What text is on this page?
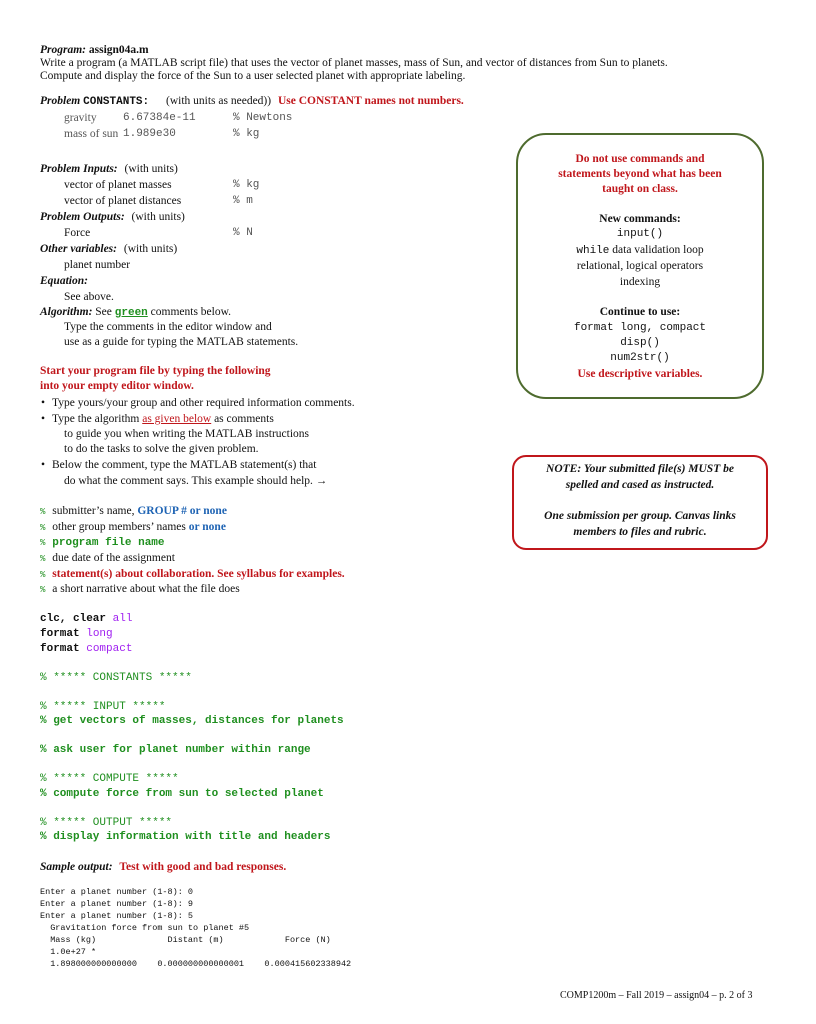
Program: assign04a.m
Write a program (a MATLAB script file) that uses the vector of planet masses, mass of Sun, and vector of distances from Sun to planets.
Compute and display the force of the Sun to a user selected planet with appropriate labeling.
Problem CONSTANTS: (with units as needed)) Use CONSTANT names not numbers.
gravity 6.67384e-11	% Newtons
mass of sun 1.989e30	% kg
Problem Inputs: (with units)
vector of planet masses	% kg
vector of planet distances	% m
Problem Outputs: (with units)
Force	% N
Other variables: (with units)
planet number
Equation:
See above.
Algorithm: See green comments below.
Type the comments in the editor window and
use as a guide for typing the MATLAB statements.
Start your program file by typing the following
into your empty editor window.
• Type yours/your group and other required information comments.
• Type the algorithm as given below as comments
to guide you when writing the MATLAB instructions
to do the tasks to solve the given problem.
• Below the comment, type the MATLAB statement(s) that
do what the comment says. This example should help. →
% submitter’s name, GROUP # or none
% other group members’ names or none
% program file name
% due date of the assignment
% statement(s) about collaboration. See syllabus for examples.
% a short narrative about what the file does
clc, clear all
format long
format compact
% ***** CONSTANTS *****
% ***** INPUT *****
% get vectors of masses, distances for planets
% ask user for planet number within range
% ***** COMPUTE *****
% compute force from sun to selected planet
% ***** OUTPUT *****
% display information with title and headers
Sample output: Test with good and bad responses.
Enter a planet number (1-8): 0
Enter a planet number (1-8): 9
Enter a planet number (1-8): 5
Gravitation force from sun to planet #5
Mass (kg)              Distant (m)            Force (N)
1.0e+27 *
1.898000000000000    0.000000000000001    0.000415602338942
Do not use commands and
statements beyond what has been
taught on class.
New commands:
input()
while data validation loop
relational, logical operators
indexing
Continue to use:
format long, compact
disp()
num2str()
Use descriptive variables.
NOTE: Your submitted file(s) MUST be
spelled and cased as instructed.
One submission per group. Canvas links
members to files and rubric.
COMP1200m – Fall 2019 – assign04 – p. 2 of 3
